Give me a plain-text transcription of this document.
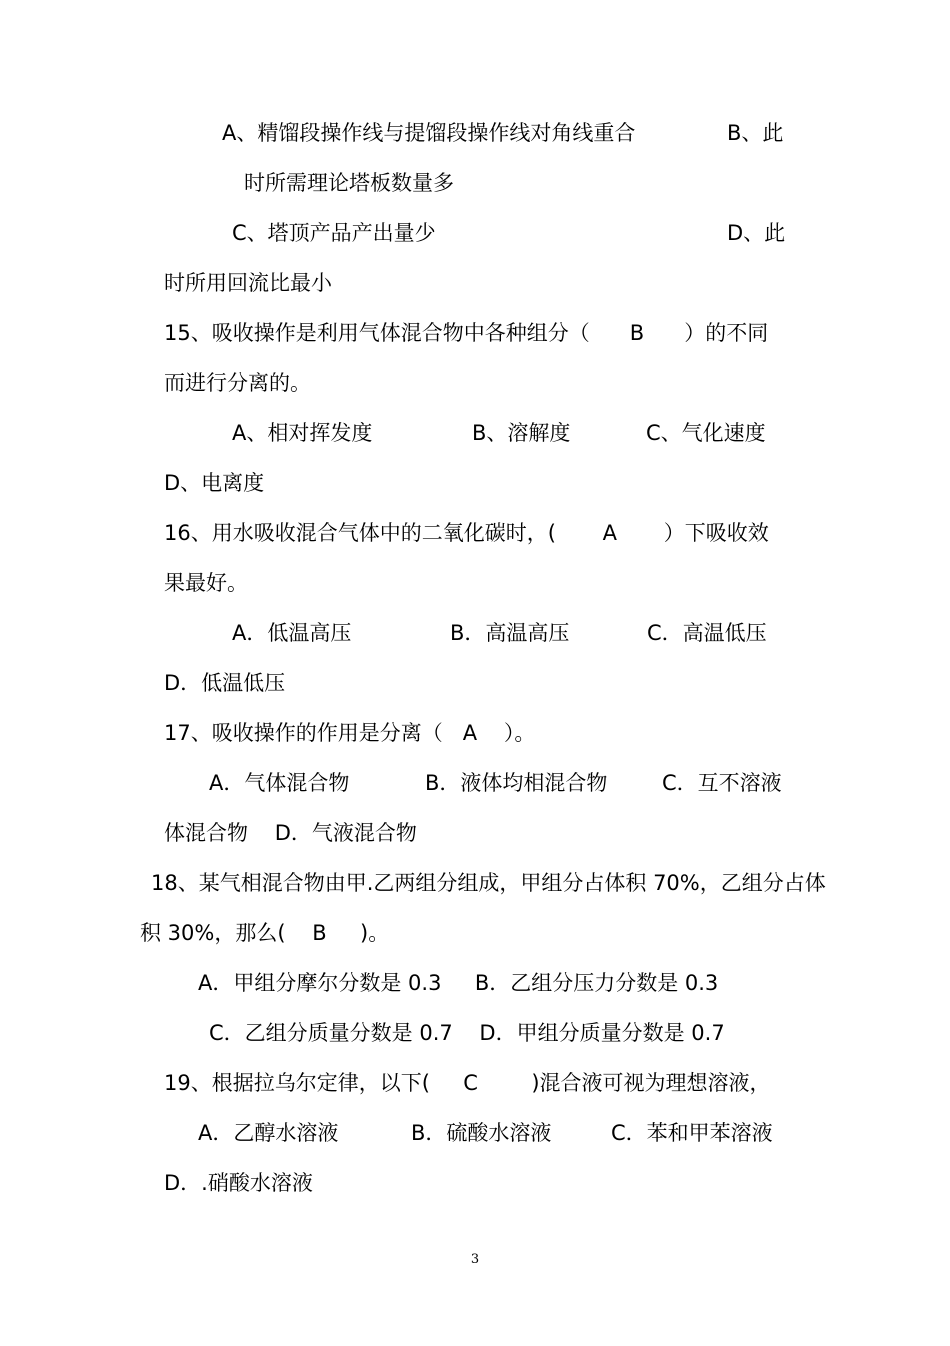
A、精馏段操作线与提馏段操作线对角线重合	B、此
时所需理论塔板数量多
C、塔顶产品产出量少	D、此
时所用回流比最小
15、吸收操作是利用气体混合物中各种组分（      B      ）的不同
而进行分离的。
A、相对挥发度	B、溶解度	C、气化速度
D、电离度
16、用水吸收混合气体中的二氧化碳时，(       A       ）下吸收效
果最好。
A．低温高压	B．高温高压	C．高温低压
D．低温低压
17、吸收操作的作用是分离（   A    ）。
A．气体混合物	B．液体均相混合物	C．互不溶液
体混合物    D．气液混合物
18、某气相混合物由甲.乙两组分组成，甲组分占体积 70%，乙组分占体
积 30%，那么(    B     )。
A．甲组分摩尔分数是 0.3     B．乙组分压力分数是 0.3
C．乙组分质量分数是 0.7    D．甲组分质量分数是 0.7
19、根据拉乌尔定律，以下(     C        )混合液可视为理想溶液，
A．乙醇水溶液	B．硫酸水溶液	C．苯和甲苯溶液
D．.硝酸水溶液
3
